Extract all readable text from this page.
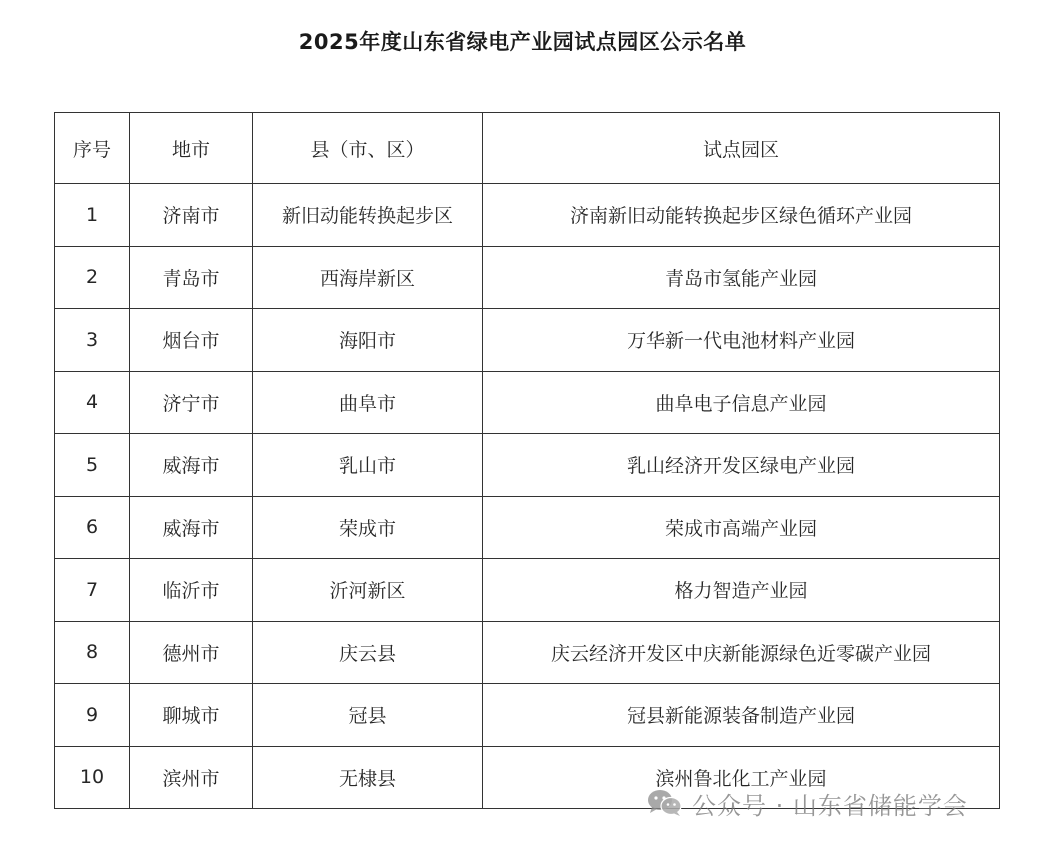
2025年度山东省绿电产业园试点园区公示名单
序号	地市	县（市、区）	试点园区
1	济南市	新旧动能转换起步区	济南新旧动能转换起步区绿色循环产业园
2	青岛市	西海岸新区	青岛市氢能产业园
3	烟台市	海阳市	万华新一代电池材料产业园
4	济宁市	曲阜市	曲阜电子信息产业园
5	威海市	乳山市	乳山经济开发区绿电产业园
6	威海市	荣成市	荣成市高端产业园
7	临沂市	沂河新区	格力智造产业园
8	德州市	庆云县	庆云经济开发区中庆新能源绿色近零碳产业园
9	聊城市	冠县	冠县新能源装备制造产业园
10	滨州市	无棣县	滨州鲁北化工产业园
公众号 · 山东省储能学会
